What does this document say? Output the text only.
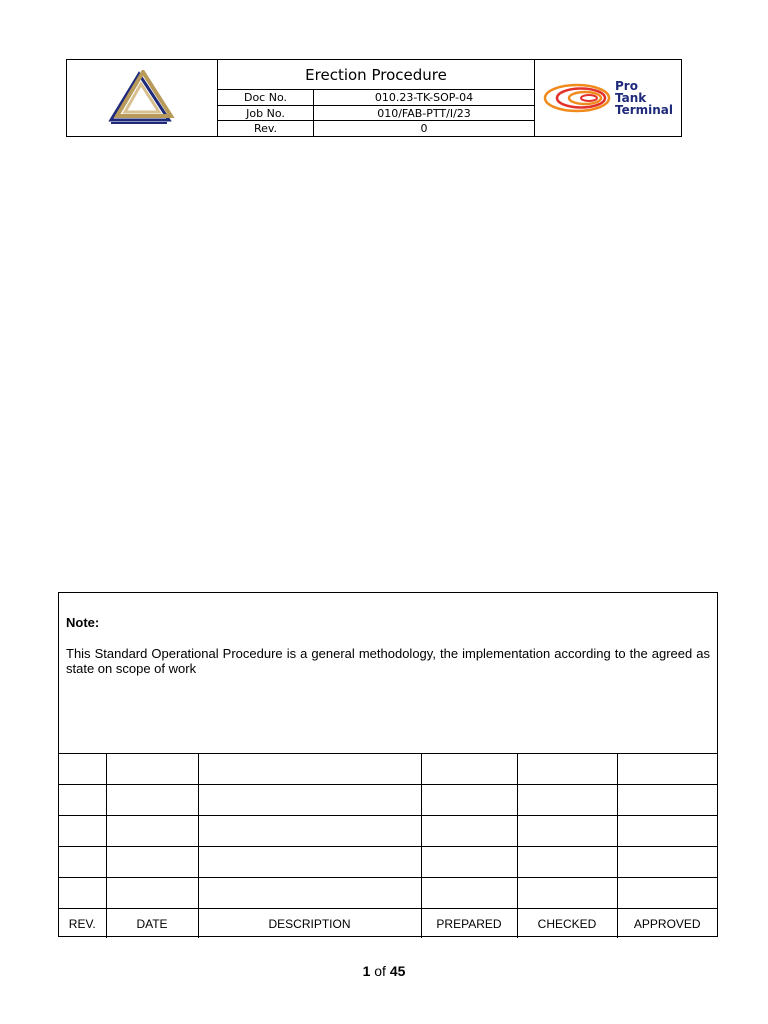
Erection Procedure
Doc No.	010.23-TK-SOP-04
Job No.	010/FAB-PTT/I/23
Rev.	0
Pro
Tank
Terminal
Note:
This Standard Operational Procedure is a general methodology, the implementation according to the agreed as state on scope of work

REV.	DATE	DESCRIPTION	PREPARED	CHECKED	APPROVED
1 of 45
